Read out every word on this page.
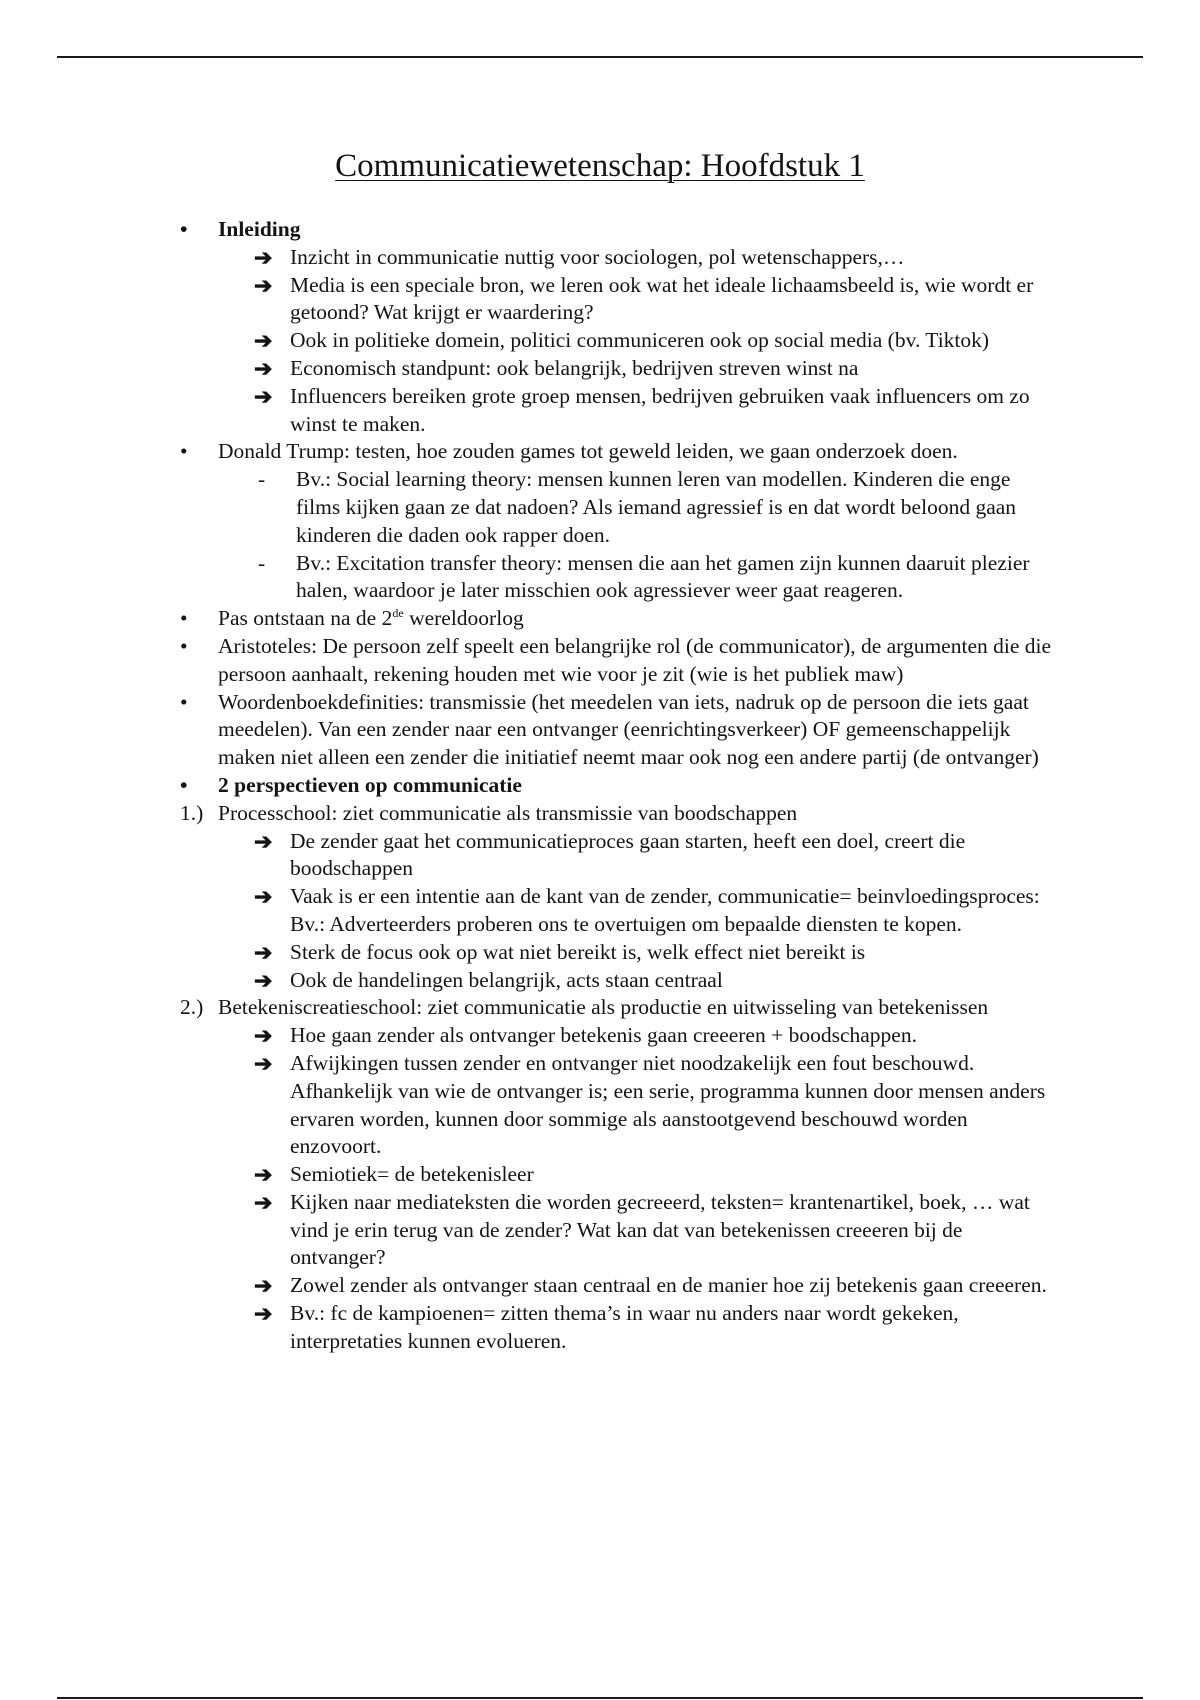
Communicatiewetenschap: Hoofdstuk 1
• Inleiding
➔ Inzicht in communicatie nuttig voor sociologen, pol wetenschappers,…
➔ Media is een speciale bron, we leren ook wat het ideale lichaamsbeeld is, wie wordt er getoond? Wat krijgt er waardering?
➔ Ook in politieke domein, politici communiceren ook op social media (bv. Tiktok)
➔ Economisch standpunt: ook belangrijk, bedrijven streven winst na
➔ Influencers bereiken grote groep mensen, bedrijven gebruiken vaak influencers om zo winst te maken.
• Donald Trump: testen, hoe zouden games tot geweld leiden, we gaan onderzoek doen.
- Bv.: Social learning theory: mensen kunnen leren van modellen. Kinderen die enge films kijken gaan ze dat nadoen? Als iemand agressief is en dat wordt beloond gaan kinderen die daden ook rapper doen.
- Bv.: Excitation transfer theory: mensen die aan het gamen zijn kunnen daaruit plezier halen, waardoor je later misschien ook agressiever weer gaat reageren.
• Pas ontstaan na de 2de wereldoorlog
• Aristoteles: De persoon zelf speelt een belangrijke rol (de communicator), de argumenten die die persoon aanhaalt, rekening houden met wie voor je zit (wie is het publiek maw)
• Woordenboekdefinities: transmissie (het meedelen van iets, nadruk op de persoon die iets gaat meedelen). Van een zender naar een ontvanger (eenrichtingsverkeer) OF gemeenschappelijk maken niet alleen een zender die initiatief neemt maar ook nog een andere partij (de ontvanger)
• 2 perspectieven op communicatie
1.) Processchool: ziet communicatie als transmissie van boodschappen
➔ De zender gaat het communicatieproces gaan starten, heeft een doel, creert die boodschappen
➔ Vaak is er een intentie aan de kant van de zender, communicatie= beinvloedingsproces: Bv.: Adverteerders proberen ons te overtuigen om bepaalde diensten te kopen.
➔ Sterk de focus ook op wat niet bereikt is, welk effect niet bereikt is
➔ Ook de handelingen belangrijk, acts staan centraal
2.) Betekeniscreatieschool: ziet communicatie als productie en uitwisseling van betekenissen
➔ Hoe gaan zender als ontvanger betekenis gaan creeeren + boodschappen.
➔ Afwijkingen tussen zender en ontvanger niet noodzakelijk een fout beschouwd. Afhankelijk van wie de ontvanger is; een serie, programma kunnen door mensen anders ervaren worden, kunnen door sommige als aanstootgevend beschouwd worden enzovoort.
➔ Semiotiek= de betekenisleer
➔ Kijken naar mediateksten die worden gecreeerd, teksten= krantenartikel, boek, … wat vind je erin terug van de zender? Wat kan dat van betekenissen creeeren bij de ontvanger?
➔ Zowel zender als ontvanger staan centraal en de manier hoe zij betekenis gaan creeeren.
➔ Bv.: fc de kampioenen= zitten thema’s in waar nu anders naar wordt gekeken, interpretaties kunnen evolueren.
